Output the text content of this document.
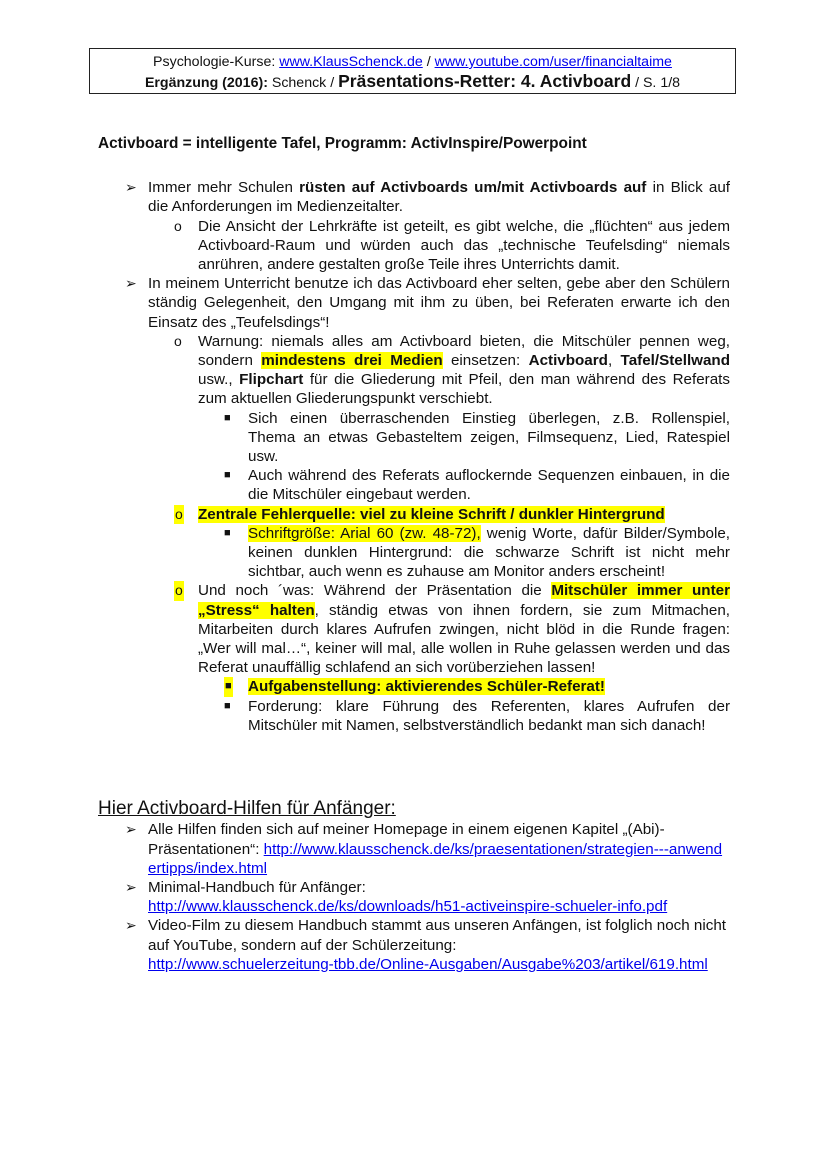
Psychologie-Kurse: www.KlausSchenck.de / www.youtube.com/user/financialtaime
Ergänzung (2016): Schenck / Präsentations-Retter: 4. Activboard / S. 1/8

Activboard = intelligente Tafel, Programm: ActivInspire/Powerpoint

➢ Immer mehr Schulen rüsten auf Activboards um/mit Activboards auf in Blick auf die Anforderungen im Medienzeitalter.
o Die Ansicht der Lehrkräfte ist geteilt, es gibt welche, die „flüchten“ aus jedem Activboard-Raum und würden auch das „technische Teufelsding“ niemals anrühren, andere gestalten große Teile ihres Unterrichts damit.
➢ In meinem Unterricht benutze ich das Activboard eher selten, gebe aber den Schülern ständig Gelegenheit, den Umgang mit ihm zu üben, bei Referaten erwarte ich den Einsatz des „Teufelsdings“!
o Warnung: niemals alles am Activboard bieten, die Mitschüler pennen weg, sondern mindestens drei Medien einsetzen: Activboard, Tafel/Stellwand usw., Flipchart für die Gliederung mit Pfeil, den man während des Referats zum aktuellen Gliederungspunkt verschiebt.
■ Sich einen überraschenden Einstieg überlegen, z.B. Rollenspiel, Thema an etwas Gebasteltem zeigen, Filmsequenz, Lied, Ratespiel usw.
■ Auch während des Referats auflockernde Sequenzen einbauen, in die die Mitschüler eingebaut werden.
o Zentrale Fehlerquelle: viel zu kleine Schrift / dunkler Hintergrund
■ Schriftgröße: Arial 60 (zw. 48-72), wenig Worte, dafür Bilder/Symbole, keinen dunklen Hintergrund: die schwarze Schrift ist nicht mehr sichtbar, auch wenn es zuhause am Monitor anders erscheint!
o Und noch ´was: Während der Präsentation die Mitschüler immer unter „Stress“ halten, ständig etwas von ihnen fordern, sie zum Mitmachen, Mitarbeiten durch klares Aufrufen zwingen, nicht blöd in die Runde fragen: „Wer will mal…“, keiner will mal, alle wollen in Ruhe gelassen werden und das Referat unauffällig schlafend an sich vorüberziehen lassen!
■ Aufgabenstellung: aktivierendes Schüler-Referat!
■ Forderung: klare Führung des Referenten, klares Aufrufen der Mitschüler mit Namen, selbstverständlich bedankt man sich danach!

Hier Activboard-Hilfen für Anfänger:

➢ Alle Hilfen finden sich auf meiner Homepage in einem eigenen Kapitel „(Abi)-Präsentationen“: http://www.klausschenck.de/ks/praesentationen/strategien---anwendertipps/index.html
➢ Minimal-Handbuch für Anfänger:
http://www.klausschenck.de/ks/downloads/h51-activeinspire-schueler-info.pdf
➢ Video-Film zu diesem Handbuch stammt aus unseren Anfängen, ist folglich noch nicht auf YouTube, sondern auf der Schülerzeitung:
http://www.schuelerzeitung-tbb.de/Online-Ausgaben/Ausgabe%203/artikel/619.html
